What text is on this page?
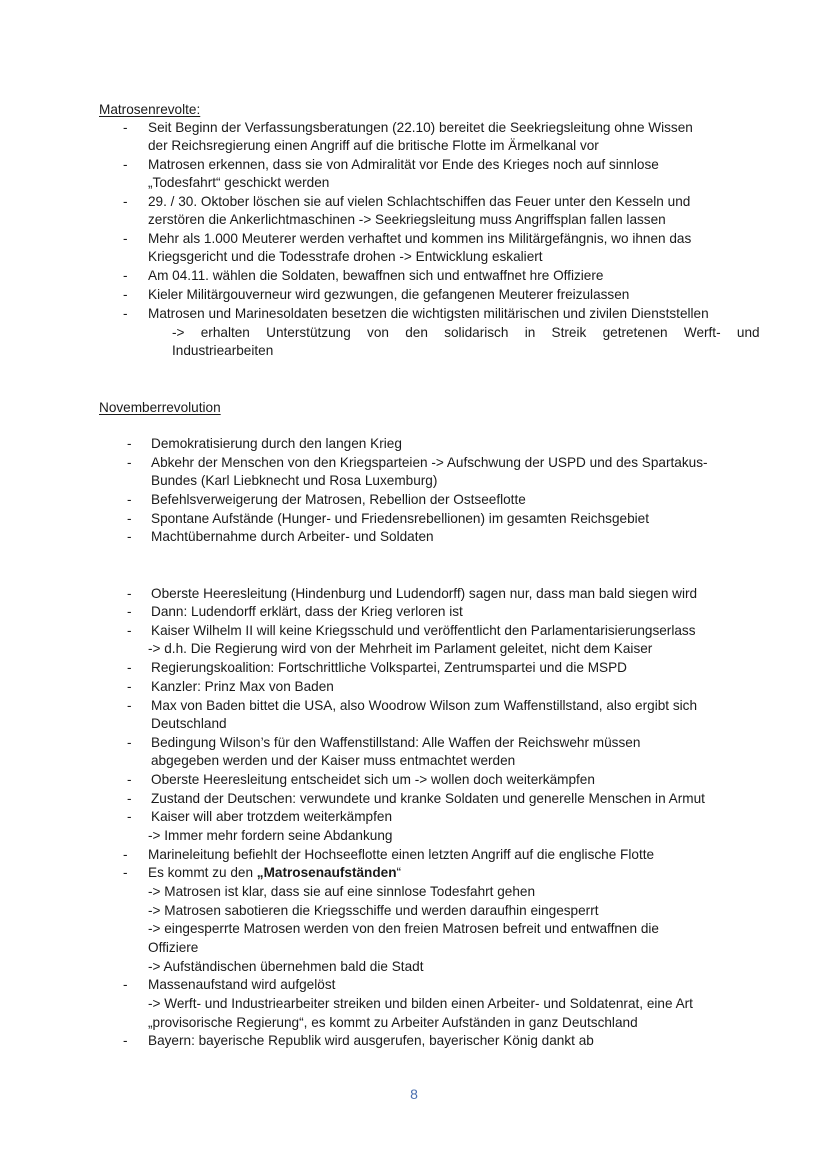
Matrosenrevolte:
- Seit Beginn der Verfassungsberatungen (22.10) bereitet die Seekriegsleitung ohne Wissen
der Reichsregierung einen Angriff auf die britische Flotte im Ärmelkanal vor
- Matrosen erkennen, dass sie von Admiralität vor Ende des Krieges noch auf sinnlose
„Todesfahrt“ geschickt werden
- 29. / 30. Oktober löschen sie auf vielen Schlachtschiffen das Feuer unter den Kesseln und
zerstören die Ankerlichtmaschinen -> Seekriegsleitung muss Angriffsplan fallen lassen
- Mehr als 1.000 Meuterer werden verhaftet und kommen ins Militärgefängnis, wo ihnen das
Kriegsgericht und die Todesstrafe drohen -> Entwicklung eskaliert
- Am 04.11. wählen die Soldaten, bewaffnen sich und entwaffnet hre Offiziere
- Kieler Militärgouverneur wird gezwungen, die gefangenen Meuterer freizulassen
- Matrosen und Marinesoldaten besetzen die wichtigsten militärischen und zivilen Dienststellen
-> erhalten Unterstützung von den solidarisch in Streik getretenen Werft- und
Industriearbeiten
Novemberrevolution
- Demokratisierung durch den langen Krieg
- Abkehr der Menschen von den Kriegsparteien -> Aufschwung der USPD und des Spartakus-
Bundes (Karl Liebknecht und Rosa Luxemburg)
- Befehlsverweigerung der Matrosen, Rebellion der Ostseeflotte
- Spontane Aufstände (Hunger- und Friedensrebellionen) im gesamten Reichsgebiet
- Machtübernahme durch Arbeiter- und Soldaten
- Oberste Heeresleitung (Hindenburg und Ludendorff) sagen nur, dass man bald siegen wird
- Dann: Ludendorff erklärt, dass der Krieg verloren ist
- Kaiser Wilhelm II will keine Kriegsschuld und veröffentlicht den Parlamentarisierungserlass
-> d.h. Die Regierung wird von der Mehrheit im Parlament geleitet, nicht dem Kaiser
- Regierungskoalition: Fortschrittliche Volkspartei, Zentrumspartei und die MSPD
- Kanzler: Prinz Max von Baden
- Max von Baden bittet die USA, also Woodrow Wilson zum Waffenstillstand, also ergibt sich
Deutschland
- Bedingung Wilson’s für den Waffenstillstand: Alle Waffen der Reichswehr müssen
abgegeben werden und der Kaiser muss entmachtet werden
- Oberste Heeresleitung entscheidet sich um -> wollen doch weiterkämpfen
- Zustand der Deutschen: verwundete und kranke Soldaten und generelle Menschen in Armut
- Kaiser will aber trotzdem weiterkämpfen
-> Immer mehr fordern seine Abdankung
- Marineleitung befiehlt der Hochseeflotte einen letzten Angriff auf die englische Flotte
- Es kommt zu den „Matrosenaufständen“
-> Matrosen ist klar, dass sie auf eine sinnlose Todesfahrt gehen
-> Matrosen sabotieren die Kriegsschiffe und werden daraufhin eingesperrt
-> eingesperrte Matrosen werden von den freien Matrosen befreit und entwaffnen die
Offiziere
-> Aufständischen übernehmen bald die Stadt
- Massenaufstand wird aufgelöst
-> Werft- und Industriearbeiter streiken und bilden einen Arbeiter- und Soldatenrat, eine Art
„provisorische Regierung“, es kommt zu Arbeiter Aufständen in ganz Deutschland
- Bayern: bayerische Republik wird ausgerufen, bayerischer König dankt ab
8
